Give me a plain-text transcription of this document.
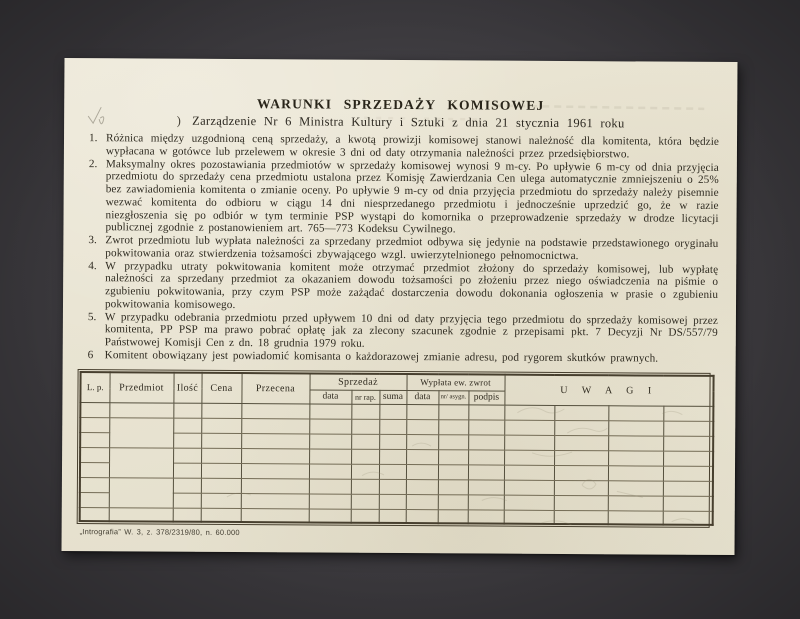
WARUNKI SPRZEDAŻY KOMISOWEJ
) Zarządzenie Nr 6 Ministra Kultury i Sztuki z dnia 21 stycznia 1961 roku
1. Różnica między uzgodnioną ceną sprzedaży, a kwotą prowizji komisowej stanowi należność dla komitenta, która będzie wypłacana w gotówce lub przelewem w okresie 3 dni od daty otrzymania należności przez przedsiębiorstwo.
2. Maksymalny okres pozostawiania przedmiotów w sprzedaży komisowej wynosi 9 m-cy. Po upływie 6 m-cy od dnia przyjęcia przedmiotu do sprzedaży cena przedmiotu ustalona przez Komisję Zawierdzania Cen ulega automatycznie zmniejszeniu o 25% bez zawiadomienia komitenta o zmianie oceny. Po upływie 9 m-cy od dnia przyjęcia przedmiotu do sprzedaży należy pisemnie wezwać komitenta do odbioru w ciągu 14 dni niesprzedanego przedmiotu i jednocześnie uprzedzić go, że w razie niezgłoszenia się po odbiór w tym terminie PSP wystąpi do komornika o przeprowadzenie sprzedaży w drodze licytacji publicznej zgodnie z postanowieniem art. 765—773 Kodeksu Cywilnego.
3. Zwrot przedmiotu lub wypłata należności za sprzedany przedmiot odbywa się jedynie na podstawie przedstawionego oryginału pokwitowania oraz stwierdzenia tożsamości zbywającego wzgl. uwierzytelnionego pełnomocnictwa.
4. W przypadku utraty pokwitowania komitent może otrzymać przedmiot złożony do sprzedaży komisowej, lub wypłatę należności za sprzedany przedmiot za okazaniem dowodu tożsamości po złożeniu przez niego oświadczenia na piśmie o zgubieniu pokwitowania, przy czym PSP może zażądać dostarczenia dowodu dokonania ogłoszenia w prasie o zgubieniu pokwitowania komisowego.
5. W przypadku odebrania przedmiotu przed upływem 10 dni od daty przyjęcia tego przedmiotu do sprzedaży komisowej przez komitenta, PP PSP ma prawo pobrać opłatę jak za zlecony szacunek zgodnie z przepisami pkt. 7 Decyzji Nr DS/557/79 Państwowej Komisji Cen z dn. 18 grudnia 1979 roku.
6	Komitent obowiązany jest powiadomić komisanta o każdorazowej zmianie adresu, pod rygorem skutków prawnych.
L. p.	Przedmiot	Ilość	Cena	Przecena	Sprzedaż			Wypłata ew. zwrot			U W A G I			
					data	nr rap.	suma	data	nr/ asygn.	podpis				

„Intrografia” W. 3, z. 378/2319/80, n. 60.000
